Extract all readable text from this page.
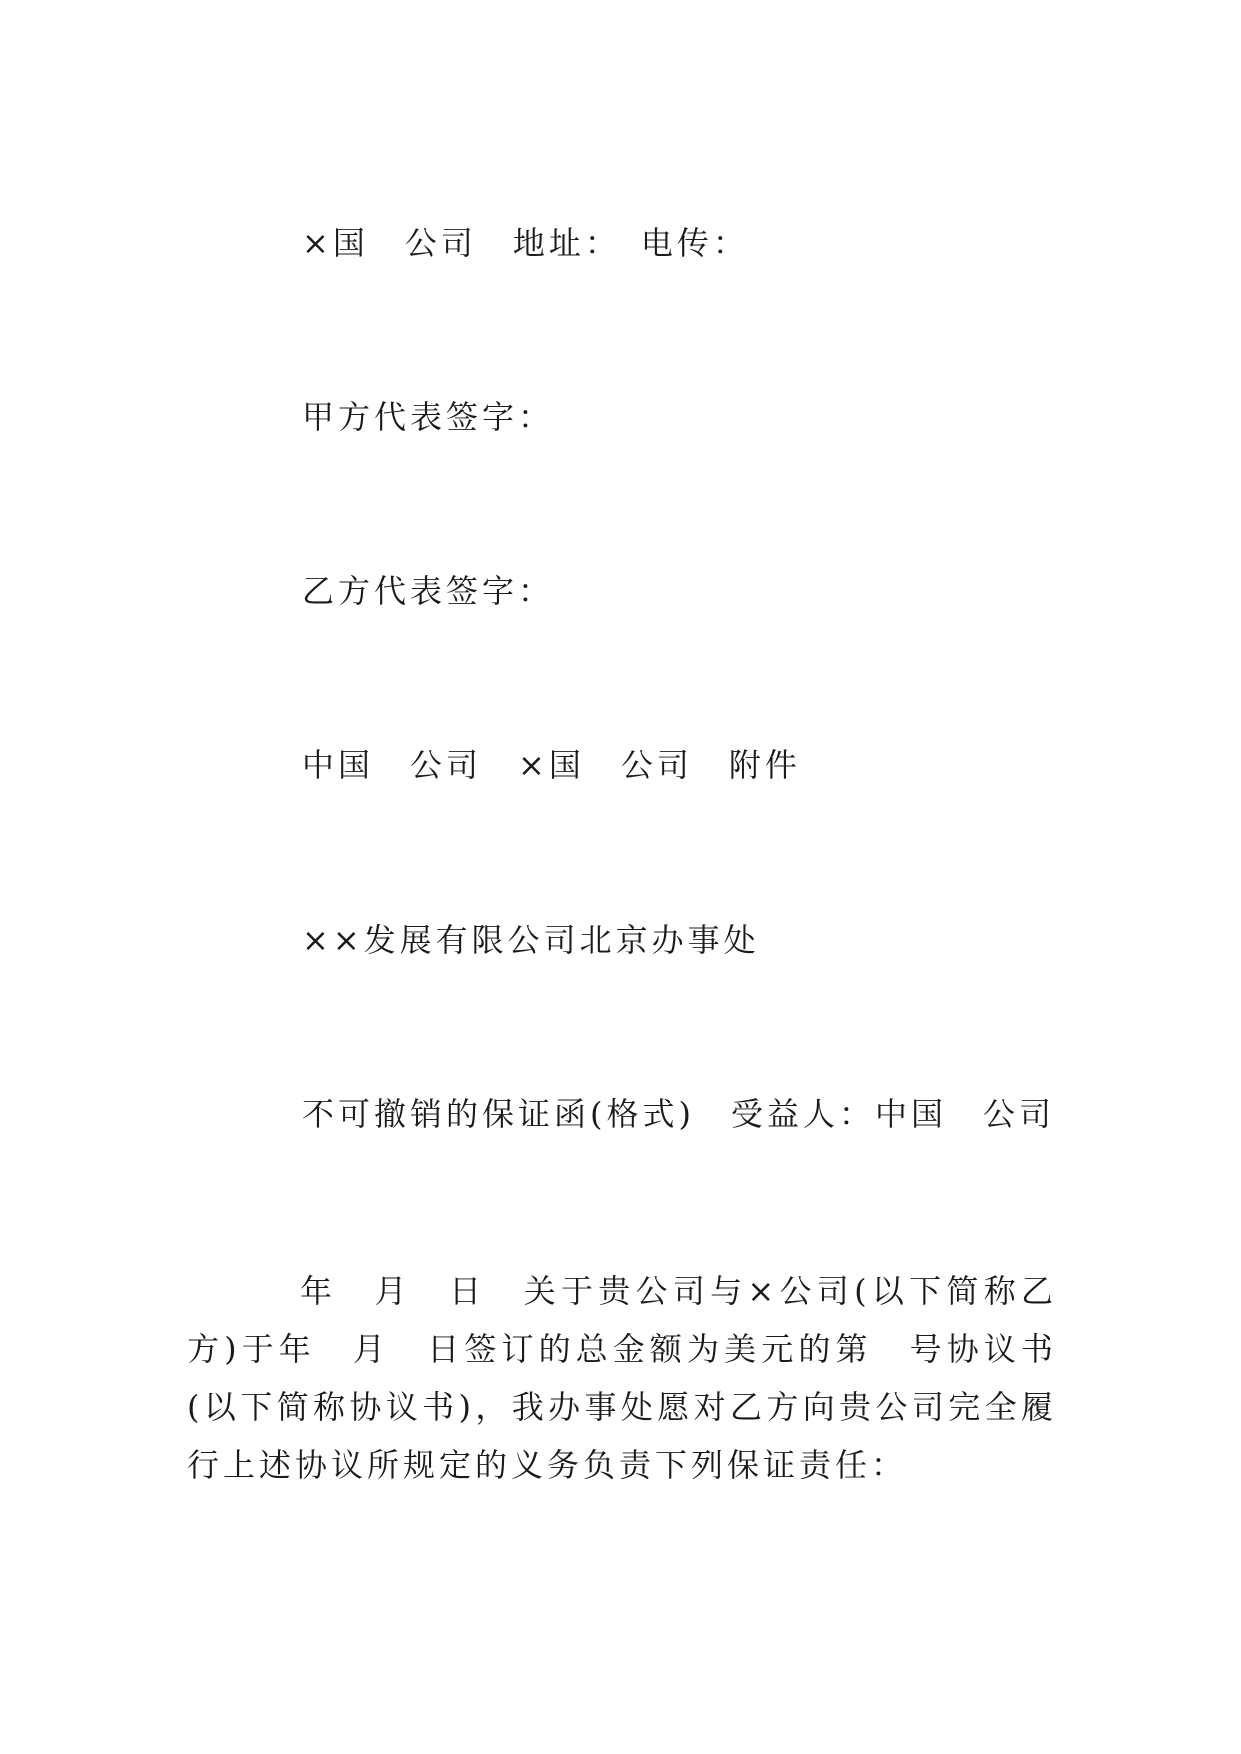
×国　公司　地址：　电传：
甲方代表签字：
乙方代表签字：
中国　公司　×国　公司　附件
××发展有限公司北京办事处
不可撤销的保证函(格式)　受益人：中国　公司
年　月　日　关于贵公司与×公司(以下简称乙方)于年　月　日签订的总金额为美元的第　号协议书(以下简称协议书)，我办事处愿对乙方向贵公司完全履行上述协议所规定的义务负责下列保证责任：
